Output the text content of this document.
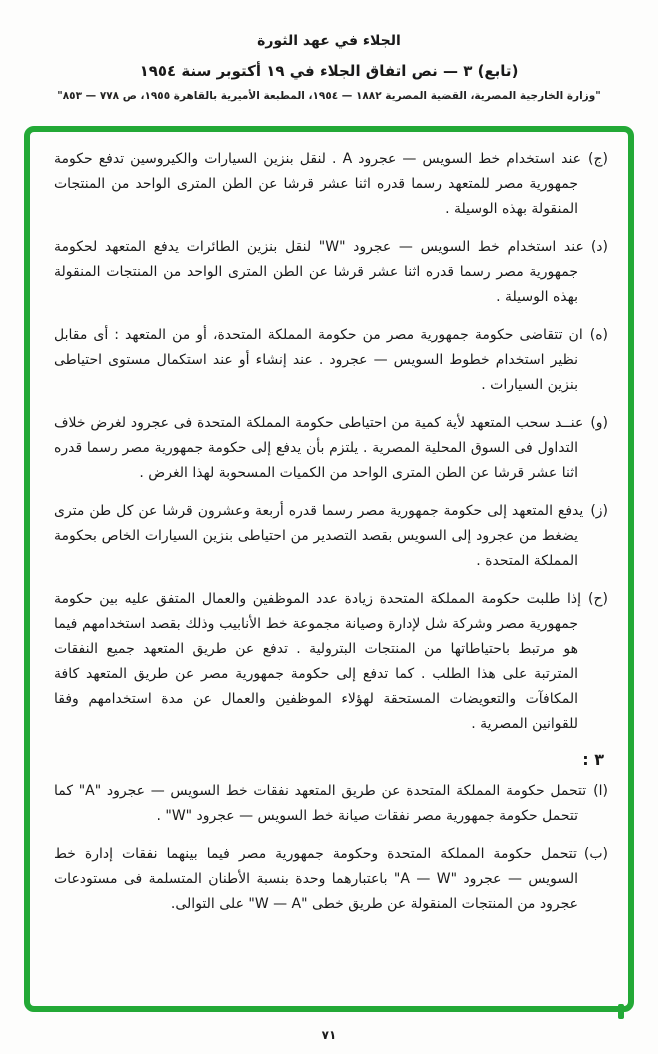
الجلاء في عهد الثورة
(تابع) ٣ — نص اتفاق الجلاء في ١٩ أكتوبر سنة ١٩٥٤
"وزارة الخارجية المصرية، القضية المصرية ١٨٨٢ — ١٩٥٤، المطبعة الأميرية بالقاهرة ١٩٥٥، ص ٧٧٨ — ٨٥٣"

(ج)عند استخدام خط السويس — عجرود A . لنقل بنزين السيارات والكيروسين تدفع حكومة جمهورية مصر للمتعهد رسما قدره اثنا عشر قرشا عن الطن المترى الواحد من المنتجات المنقولة بهذه الوسيلة .

(د)عند استخدام خط السويس — عجرود "W" لنقل بنزين الطائرات يدفع المتعهد لحكومة جمهورية مصر رسما قدره اثنا عشر قرشا عن الطن المترى الواحد من المنتجات المنقولة بهذه الوسيلة .

(ه)ان تتقاضى حكومة جمهورية مصر من حكومة المملكة المتحدة، أو من المتعهد : أى مقابل نظير استخدام خطوط السويس — عجرود . عند إنشاء أو عند استكمال مستوى احتياطى بنزين السيارات .

(و)عنــد سحب المتعهد لأية كمية من احتياطى حكومة المملكة المتحدة فى عجرود لغرض خلاف التداول فى السوق المحلية المصرية . يلتزم بأن يدفع إلى حكومة جمهورية مصر رسما قدره اثنا عشر قرشا عن الطن المترى الواحد من الكميات المسحوبة لهذا الغرض .

(ز)يدفع المتعهد إلى حكومة جمهورية مصر رسما قدره أربعة وعشرون قرشا عن كل طن مترى يضغط من عجرود إلى السويس بقصد التصدير من احتياطى بنزين السيارات الخاص بحكومة المملكة المتحدة .

(ح)إذا طلبت حكومة المملكة المتحدة زيادة عدد الموظفين والعمال المتفق عليه بين حكومة جمهورية مصر وشركة شل لإدارة وصيانة مجموعة خط الأنابيب وذلك بقصد استخدامهم فيما هو مرتبط باحتياطاتها من المنتجات البترولية . تدفع عن طريق المتعهد جميع النفقات المترتبة على هذا الطلب . كما تدفع إلى حكومة جمهورية مصر عن طريق المتعهد كافة المكافآت والتعويضات المستحقة لهؤلاء الموظفين والعمال عن مدة استخدامهم وفقا للقوانين المصرية .

٣ :

(ا)تتحمل حكومة المملكة المتحدة عن طريق المتعهد نفقات خط السويس — عجرود "A" كما تتحمل حكومة جمهورية مصر نفقات صيانة خط السويس — عجرود "W" .

(ب)تتحمل حكومة المملكة المتحدة وحكومة جمهورية مصر فيما بينهما نفقات إدارة خط السويس — عجرود "A — W" باعتبارهما وحدة بنسبة الأطنان المتسلمة فى مستودعات عجرود من المنتجات المنقولة عن طريق خطى "W — A" على التوالى.

٧١
